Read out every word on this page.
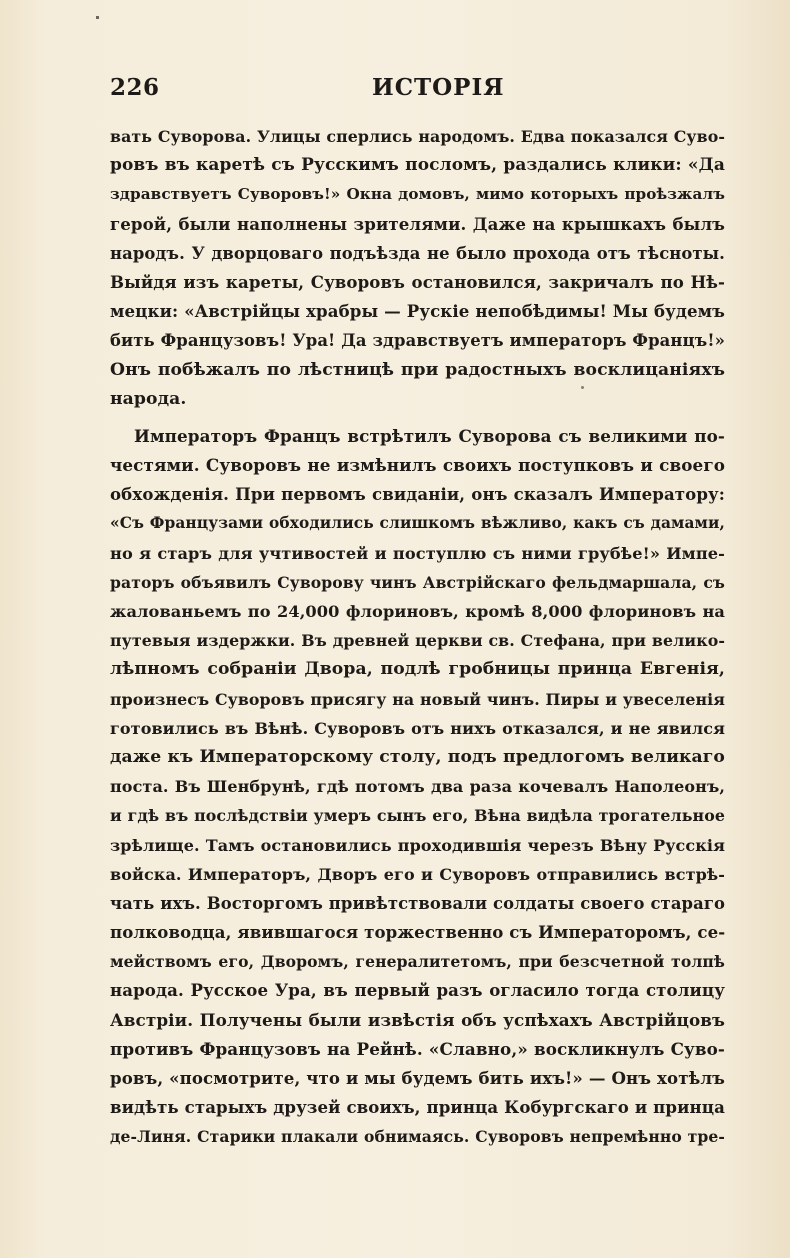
226	ИСТОРІЯ
вать Суворова. Улицы сперлись народомъ. Едва показался Суво-
ровъ въ каретѣ съ Русскимъ посломъ, раздались клики: «Да
здравствуетъ Суворовъ!» Окна домовъ, мимо которыхъ проѣзжалъ
герой, были наполнены зрителями. Даже на крышкахъ былъ
народъ. У дворцоваго подъѣзда не было прохода отъ тѣсноты.
Выйдя изъ кареты, Суворовъ остановился, закричалъ по Нѣ-
мецки: «Австрійцы храбры — Рускіе непобѣдимы! Мы будемъ
бить Французовъ! Ура! Да здравствуетъ императоръ Францъ!»
Онъ побѣжалъ по лѣстницѣ при радостныхъ восклицаніяхъ
народа.
Императоръ Францъ встрѣтилъ Суворова съ великими по-
честями. Суворовъ не измѣнилъ своихъ поступковъ и своего
обхожденія. При первомъ свиданіи, онъ сказалъ Императору:
«Съ Французами обходились слишкомъ вѣжливо, какъ съ дамами,
но я старъ для учтивостей и поступлю съ ними грубѣе!» Импе-
раторъ объявилъ Суворову чинъ Австрійскаго фельдмаршала, съ
жалованьемъ по 24,000 флориновъ, кромѣ 8,000 флориновъ на
путевыя издержки. Въ древней церкви св. Стефана, при велико-
лѣпномъ собраніи Двора, подлѣ гробницы принца Евгенія,
произнесъ Суворовъ присягу на новый чинъ. Пиры и увеселенія
готовились въ Вѣнѣ. Суворовъ отъ нихъ отказался, и не явился
даже къ Императорскому столу, подъ предлогомъ великаго
поста. Въ Шенбрунѣ, гдѣ потомъ два раза кочевалъ Наполеонъ,
и гдѣ въ послѣдствіи умеръ сынъ его, Вѣна видѣла трогательное
зрѣлище. Тамъ остановились проходившія черезъ Вѣну Русскія
войска. Императоръ, Дворъ его и Суворовъ отправились встрѣ-
чать ихъ. Восторгомъ привѣтствовали солдаты своего стараго
полководца, явившагося торжественно съ Императоромъ, се-
мействомъ его, Дворомъ, генералитетомъ, при безсчетной толпѣ
народа. Русское Ура, въ первый разъ огласило тогда столицу
Австріи. Получены были извѣстія объ успѣхахъ Австрійцовъ
противъ Французовъ на Рейнѣ. «Славно,» воскликнулъ Суво-
ровъ, «посмотрите, что и мы будемъ бить ихъ!» — Онъ хотѣлъ
видѣть старыхъ друзей своихъ, принца Кобургскаго и принца
де-Линя. Старики плакали обнимаясь. Суворовъ непремѣнно тре-
